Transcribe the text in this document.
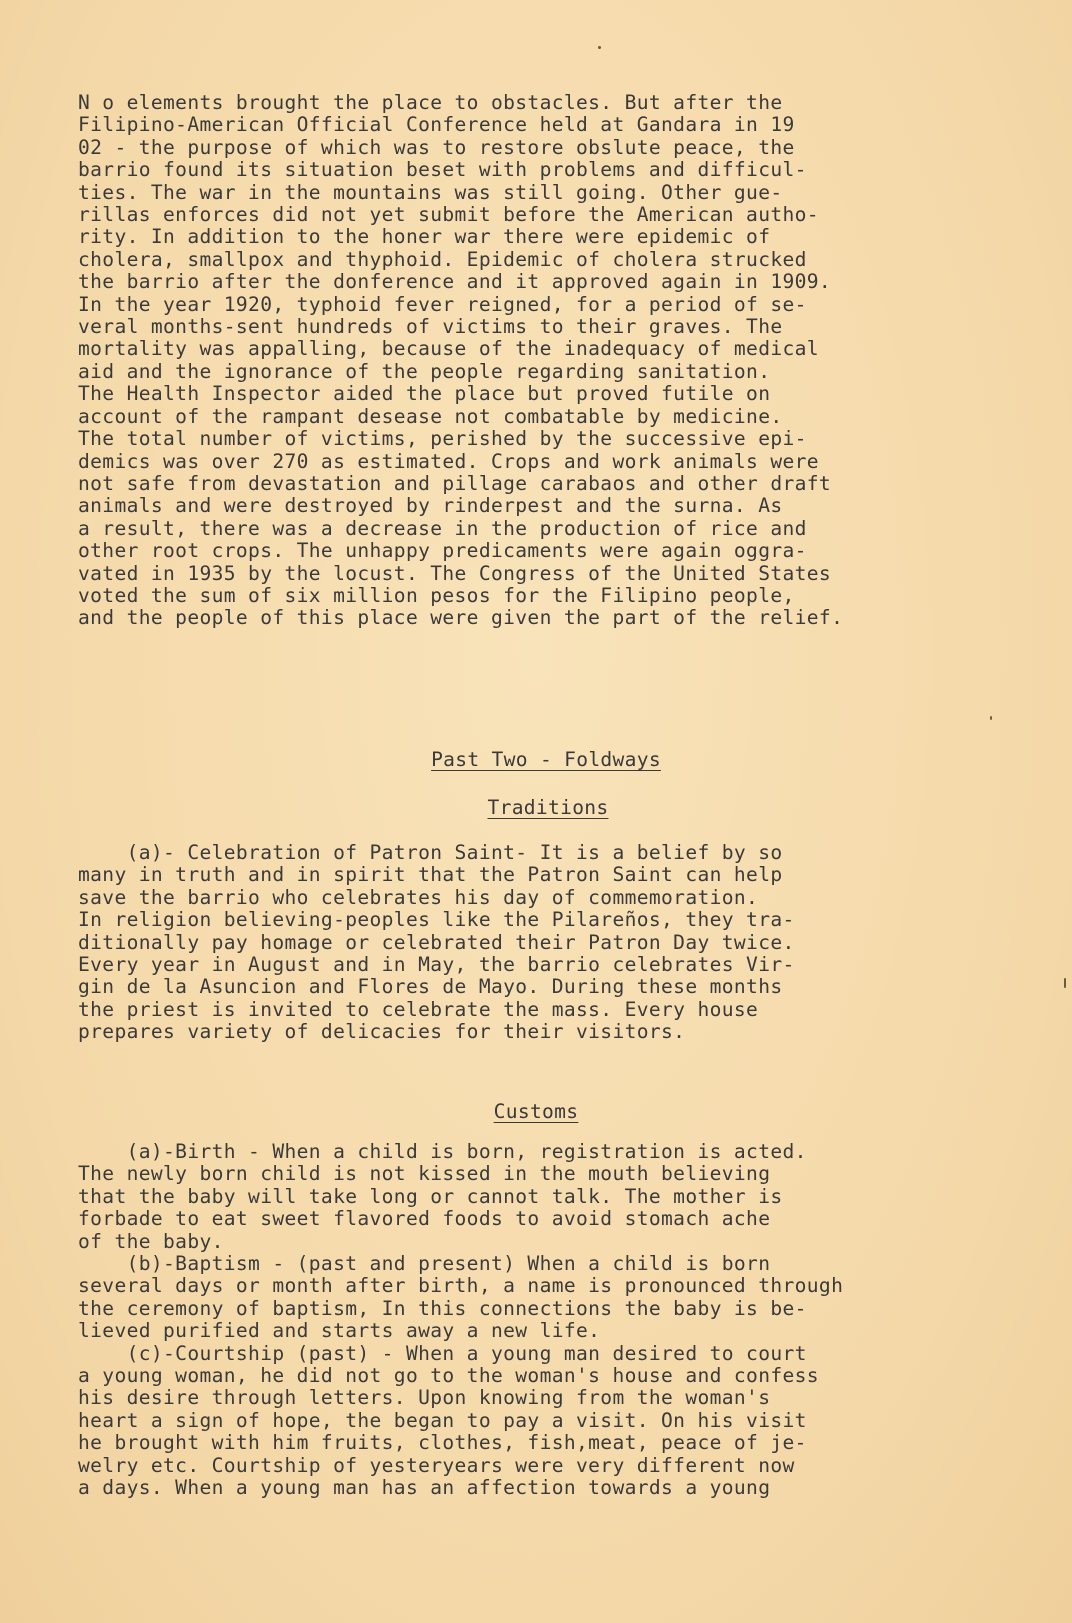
N o elements brought the place to obstacles. But after the
Filipino-American Official Conference held at Gandara in 19
02 - the purpose of which was to restore obslute peace, the
barrio found its situation beset with problems and difficul-
ties. The war in the mountains was still going. Other gue-
rillas enforces did not yet submit before the American autho-
rity. In addition to the honer war there were epidemic of
cholera, smallpox and thyphoid. Epidemic of cholera strucked
the barrio after the donference and it approved again in 1909.
In the year 1920, typhoid fever reigned, for a period of se-
veral months-sent hundreds of victims to their graves. The
mortality was appalling, because of the inadequacy of medical
aid and the ignorance of the people regarding sanitation.
The Health Inspector aided the place but proved futile on
account of the rampant desease not combatable by medicine.
The total number of victims, perished by the successive epi-
demics was over 270 as estimated. Crops and work animals were
not safe from devastation and pillage carabaos and other draft
animals and were destroyed by rinderpest and the surna. As
a result, there was a decrease in the production of rice and
other root crops. The unhappy predicaments were again oggra-
vated in 1935 by the locust. The Congress of the United States
voted the sum of six million pesos for the Filipino people,
and the people of this place were given the part of the relief.
Past Two - Foldways
Traditions
(a)- Celebration of Patron Saint- It is a belief by so
many in truth and in spirit that the Patron Saint can help
save the barrio who celebrates his day of commemoration.
In religion believing-peoples like the Pilareños, they tra-
ditionally pay homage or celebrated their Patron Day twice.
Every year in August and in May, the barrio celebrates Vir-
gin de la Asuncion and Flores de Mayo. During these months
the priest is invited to celebrate the mass. Every house
prepares variety of delicacies for their visitors.
Customs
(a)-Birth - When a child is born, registration is acted.
The newly born child is not kissed in the mouth believing
that the baby will take long or cannot talk. The mother is
forbade to eat sweet flavored foods to avoid stomach ache
of the baby.
(b)-Baptism - (past and present) When a child is born
several days or month after birth, a name is pronounced through
the ceremony of baptism, In this connections the baby is be-
lieved purified and starts away a new life.
(c)-Courtship (past) - When a young man desired to court
a young woman, he did not go to the woman's house and confess
his desire through letters. Upon knowing from the woman's
heart a sign of hope, the began to pay a visit. On his visit
he brought with him fruits, clothes, fish,meat, peace of je-
welry etc. Courtship of yesteryears were very different now
a days. When a young man has an affection towards a young
